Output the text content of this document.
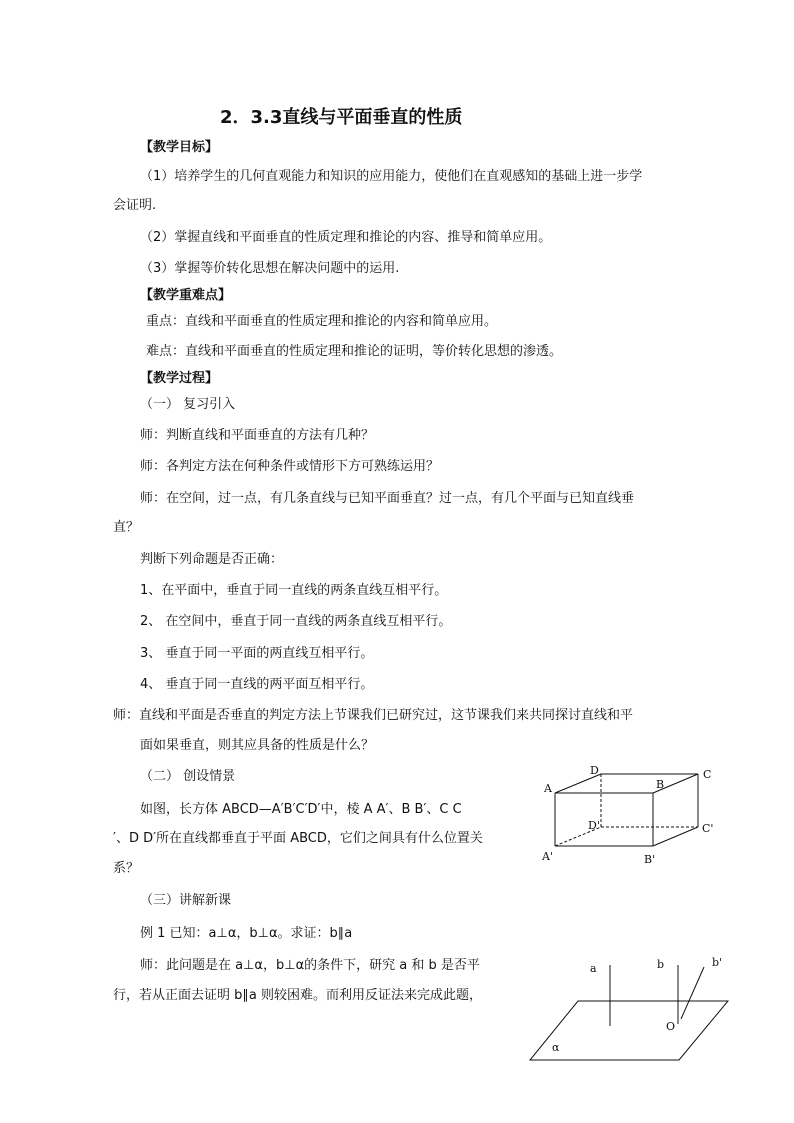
2．3.3直线与平面垂直的性质
【教学目标】
（1）培养学生的几何直观能力和知识的应用能力，使他们在直观感知的基础上进一步学
会证明.
（2）掌握直线和平面垂直的性质定理和推论的内容、推导和简单应用。
（3）掌握等价转化思想在解决问题中的运用.
【教学重难点】
重点：直线和平面垂直的性质定理和推论的内容和简单应用。
难点：直线和平面垂直的性质定理和推论的证明，等价转化思想的渗透。
【教学过程】
（一） 复习引入
师：判断直线和平面垂直的方法有几种？
师：各判定方法在何种条件或情形下方可熟练运用？
师：在空间，过一点，有几条直线与已知平面垂直？过一点，有几个平面与已知直线垂
直？
判断下列命题是否正确：
1、在平面中，垂直于同一直线的两条直线互相平行。
2、 在空间中，垂直于同一直线的两条直线互相平行。
3、 垂直于同一平面的两直线互相平行。
4、 垂直于同一直线的两平面互相平行。
师：直线和平面是否垂直的判定方法上节课我们已研究过，这节课我们来共同探讨直线和平
面如果垂直，则其应具备的性质是什么？
（二） 创设情景
如图，长方体 ABCD—A′B′C′D′中，棱 A A′、B B′、C C
′、D D′所在直线都垂直于平面 ABCD，它们之间具有什么位置关
系？
（三）讲解新课
例 1 已知：a⊥α，b⊥α。求证：b∥a
师：此问题是在 a⊥α，b⊥α的条件下，研究 a 和 b 是否平
行，若从正面去证明 b∥a 则较困难。而利用反证法来完成此题，
A	B
C
D
A'	B'
C'
D'
a	b	b'
O
α
